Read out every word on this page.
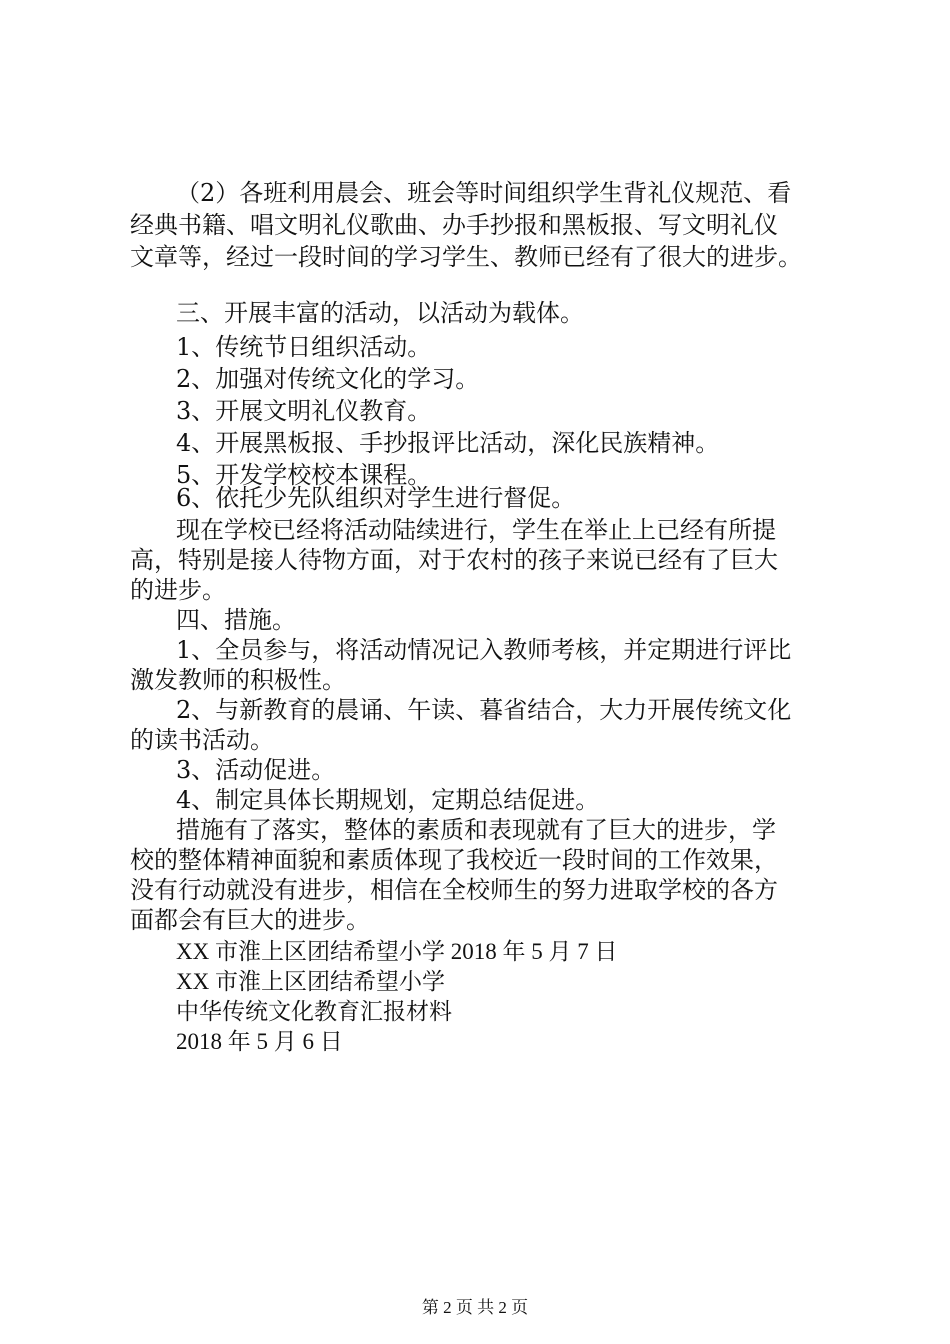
（2）各班利用晨会、班会等时间组织学生背礼仪规范、看
经典书籍、唱文明礼仪歌曲、办手抄报和黑板报、写文明礼仪
文章等，经过一段时间的学习学生、教师已经有了很大的进步。
三、开展丰富的活动，以活动为载体。
1、传统节日组织活动。
2、加强对传统文化的学习。
3、开展文明礼仪教育。
4、开展黑板报、手抄报评比活动，深化民族精神。
5、开发学校校本课程。
6、依托少先队组织对学生进行督促。
现在学校已经将活动陆续进行，学生在举止上已经有所提
高，特别是接人待物方面，对于农村的孩子来说已经有了巨大
的进步。
四、措施。
1、全员参与，将活动情况记入教师考核，并定期进行评比
激发教师的积极性。
2、与新教育的晨诵、午读、暮省结合，大力开展传统文化
的读书活动。
3、活动促进。
4、制定具体长期规划，定期总结促进。
措施有了落实，整体的素质和表现就有了巨大的进步，学
校的整体精神面貌和素质体现了我校近一段时间的工作效果，
没有行动就没有进步，相信在全校师生的努力进取学校的各方
面都会有巨大的进步。
XX 市淮上区团结希望小学 2018 年 5 月 7 日
XX 市淮上区团结希望小学
中华传统文化教育汇报材料
2018 年 5 月 6 日
第 2 页 共 2 页
